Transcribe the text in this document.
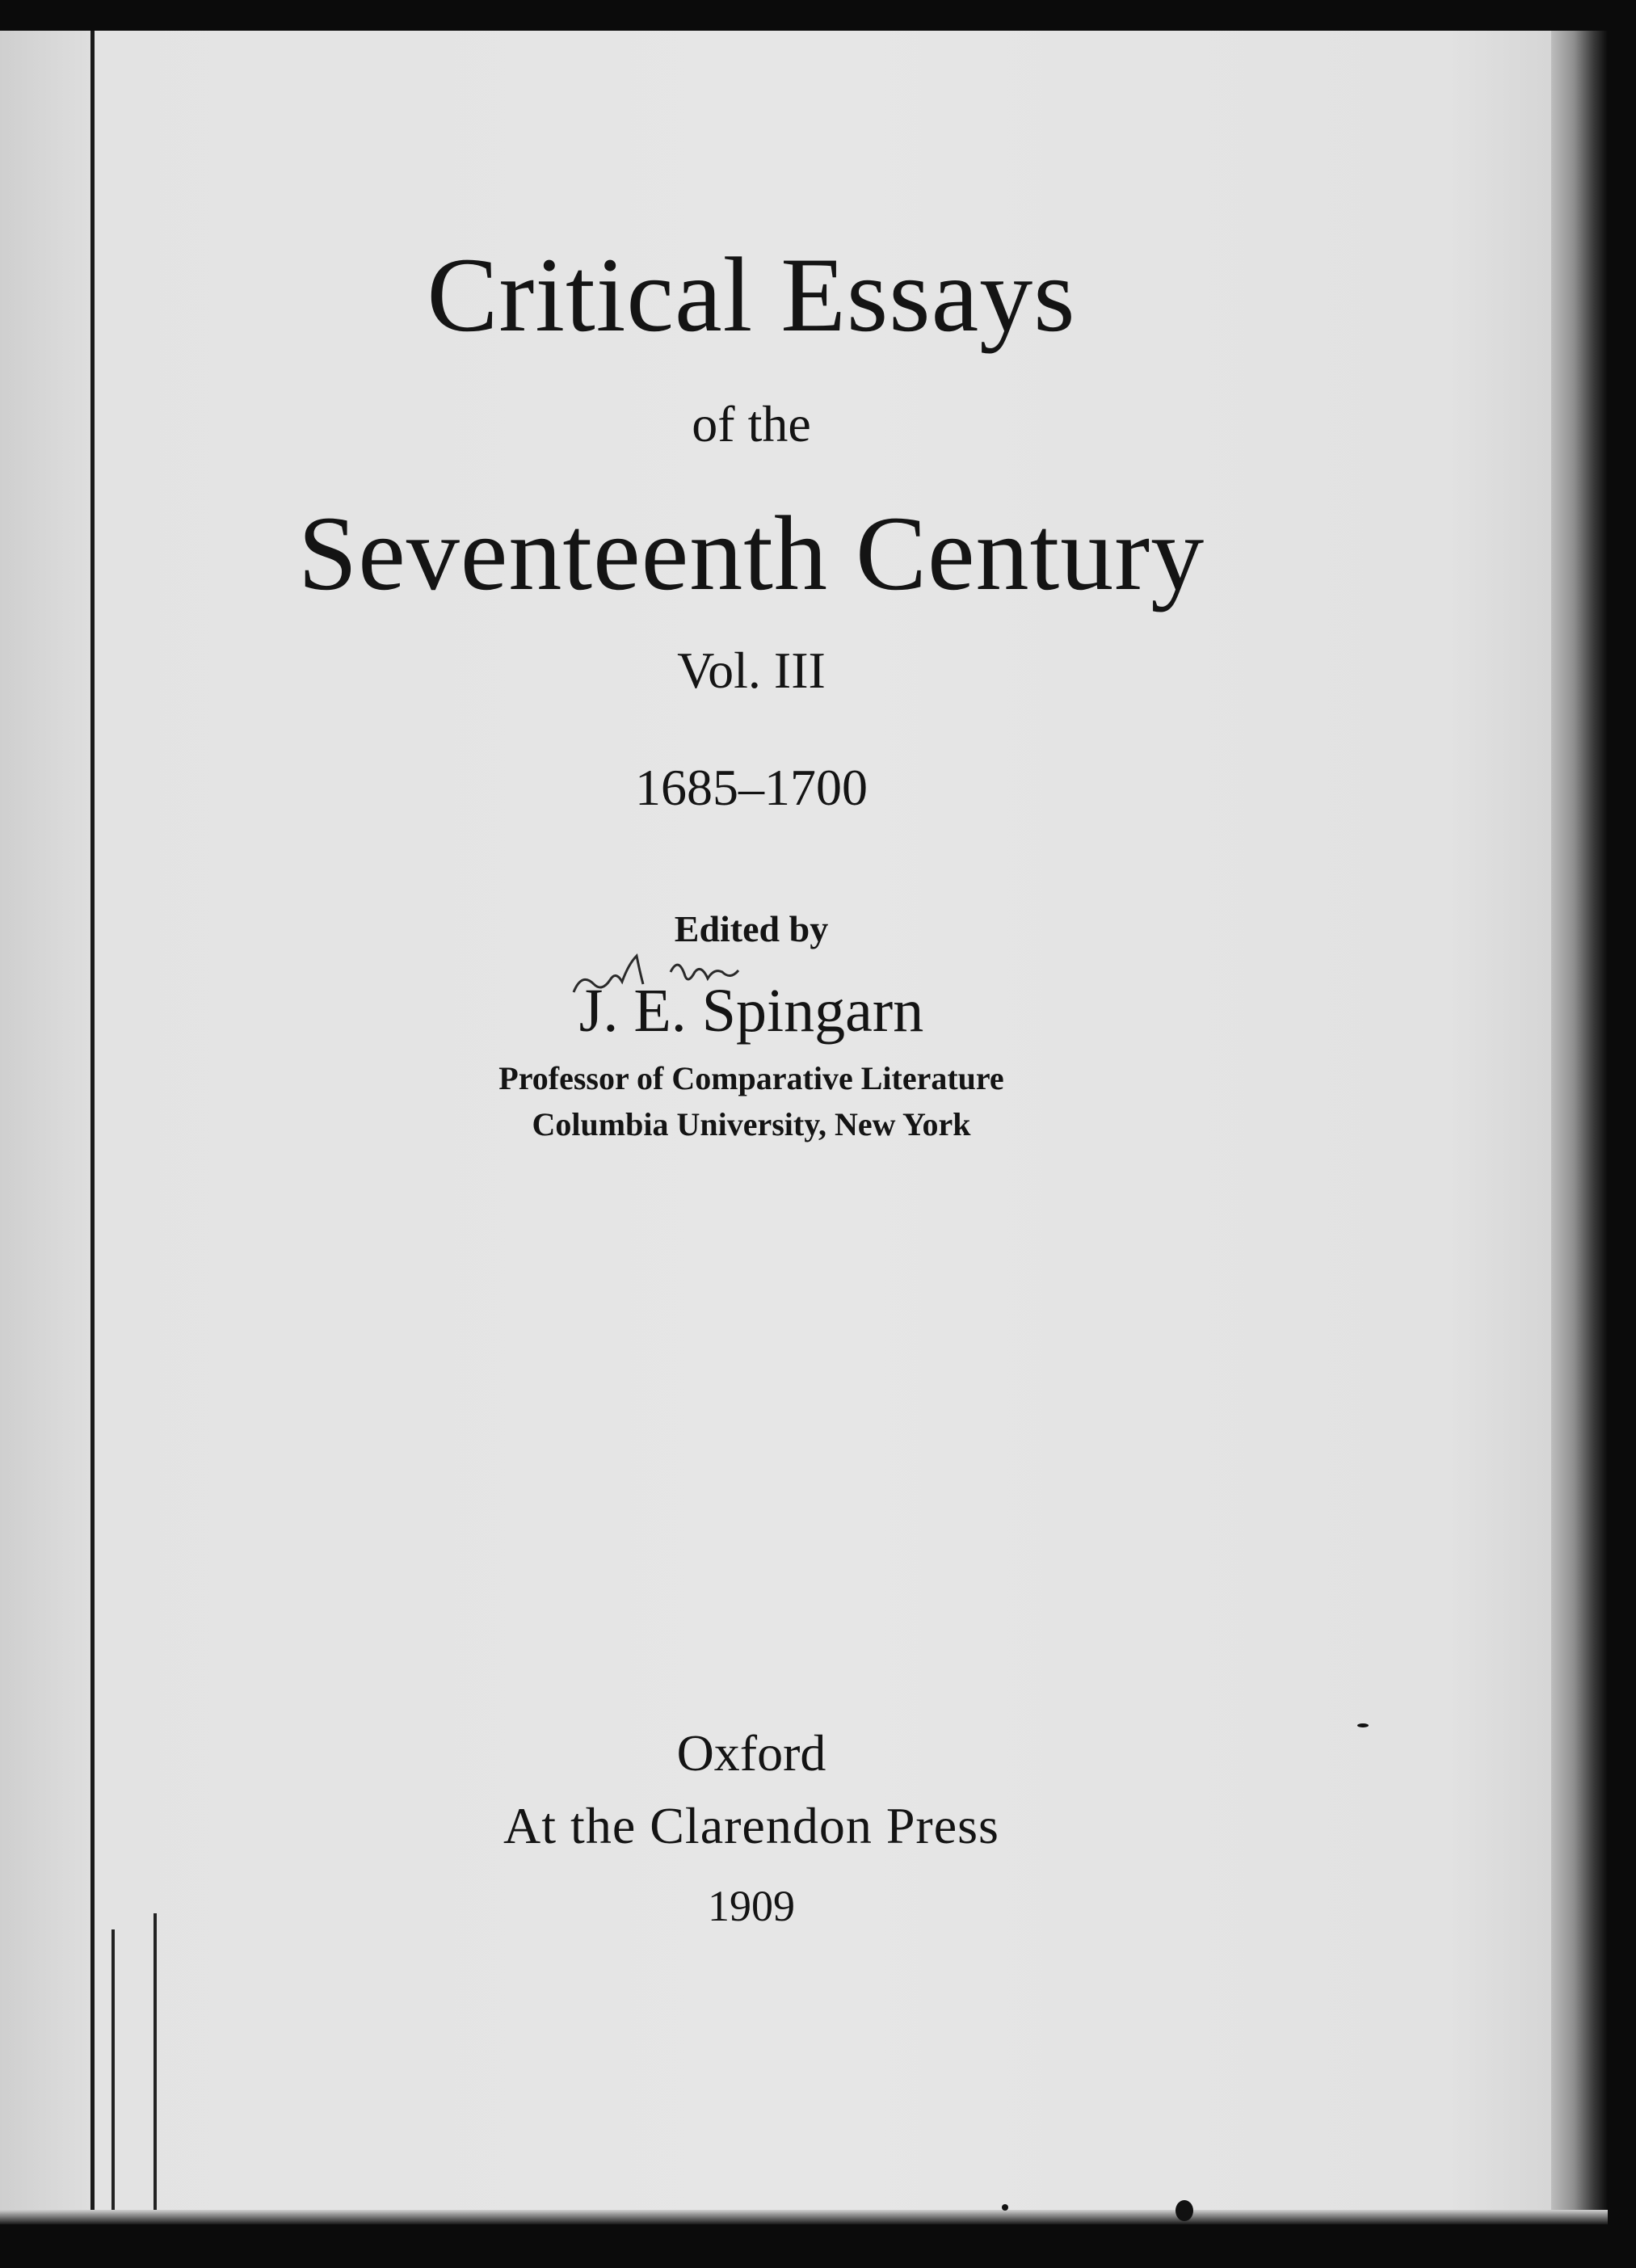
Critical Essays
of the
Seventeenth Century
Vol. III
1685–1700
Edited by
J. E. Spingarn
Professor of Comparative Literature
Columbia University, New York
Oxford
At the Clarendon Press
1909
